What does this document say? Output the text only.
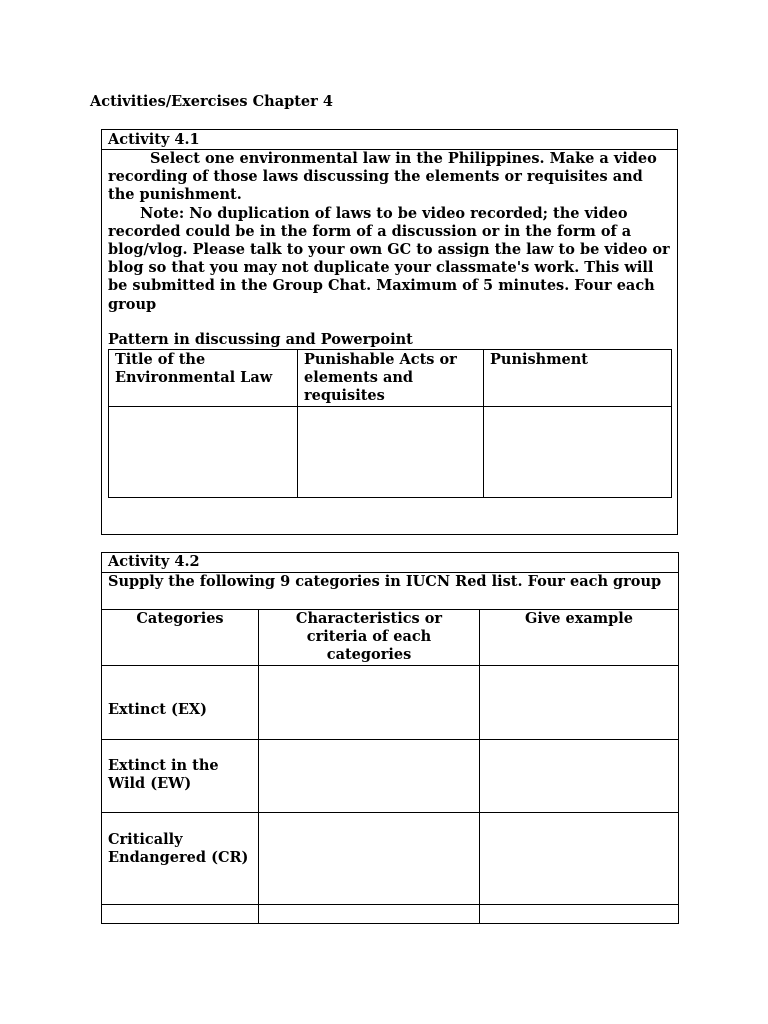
Activities/Exercises Chapter 4
Activity 4.1
Select one environmental law in the Philippines. Make a video recording of those laws discussing the elements or requisites and the punishment.
Note: No duplication of laws to be video recorded; the video recorded could be in the form of a discussion or in the form of a blog/vlog. Please talk to your own GC to assign the law to be video or blog so that you may not duplicate your classmate's work. This will be submitted in the Group Chat. Maximum of 5 minutes. Four each group
Pattern in discussing and Powerpoint
Title of the Environmental Law	Punishable Acts or elements and requisites	Punishment

Activity 4.2		
Supply the following 9 categories in IUCN Red list. Four each group		
Categories	Characteristics or criteria of each categories	Give example
Extinct (EX)		
Extinct in the Wild (EW)		
Critically Endangered (CR)		
